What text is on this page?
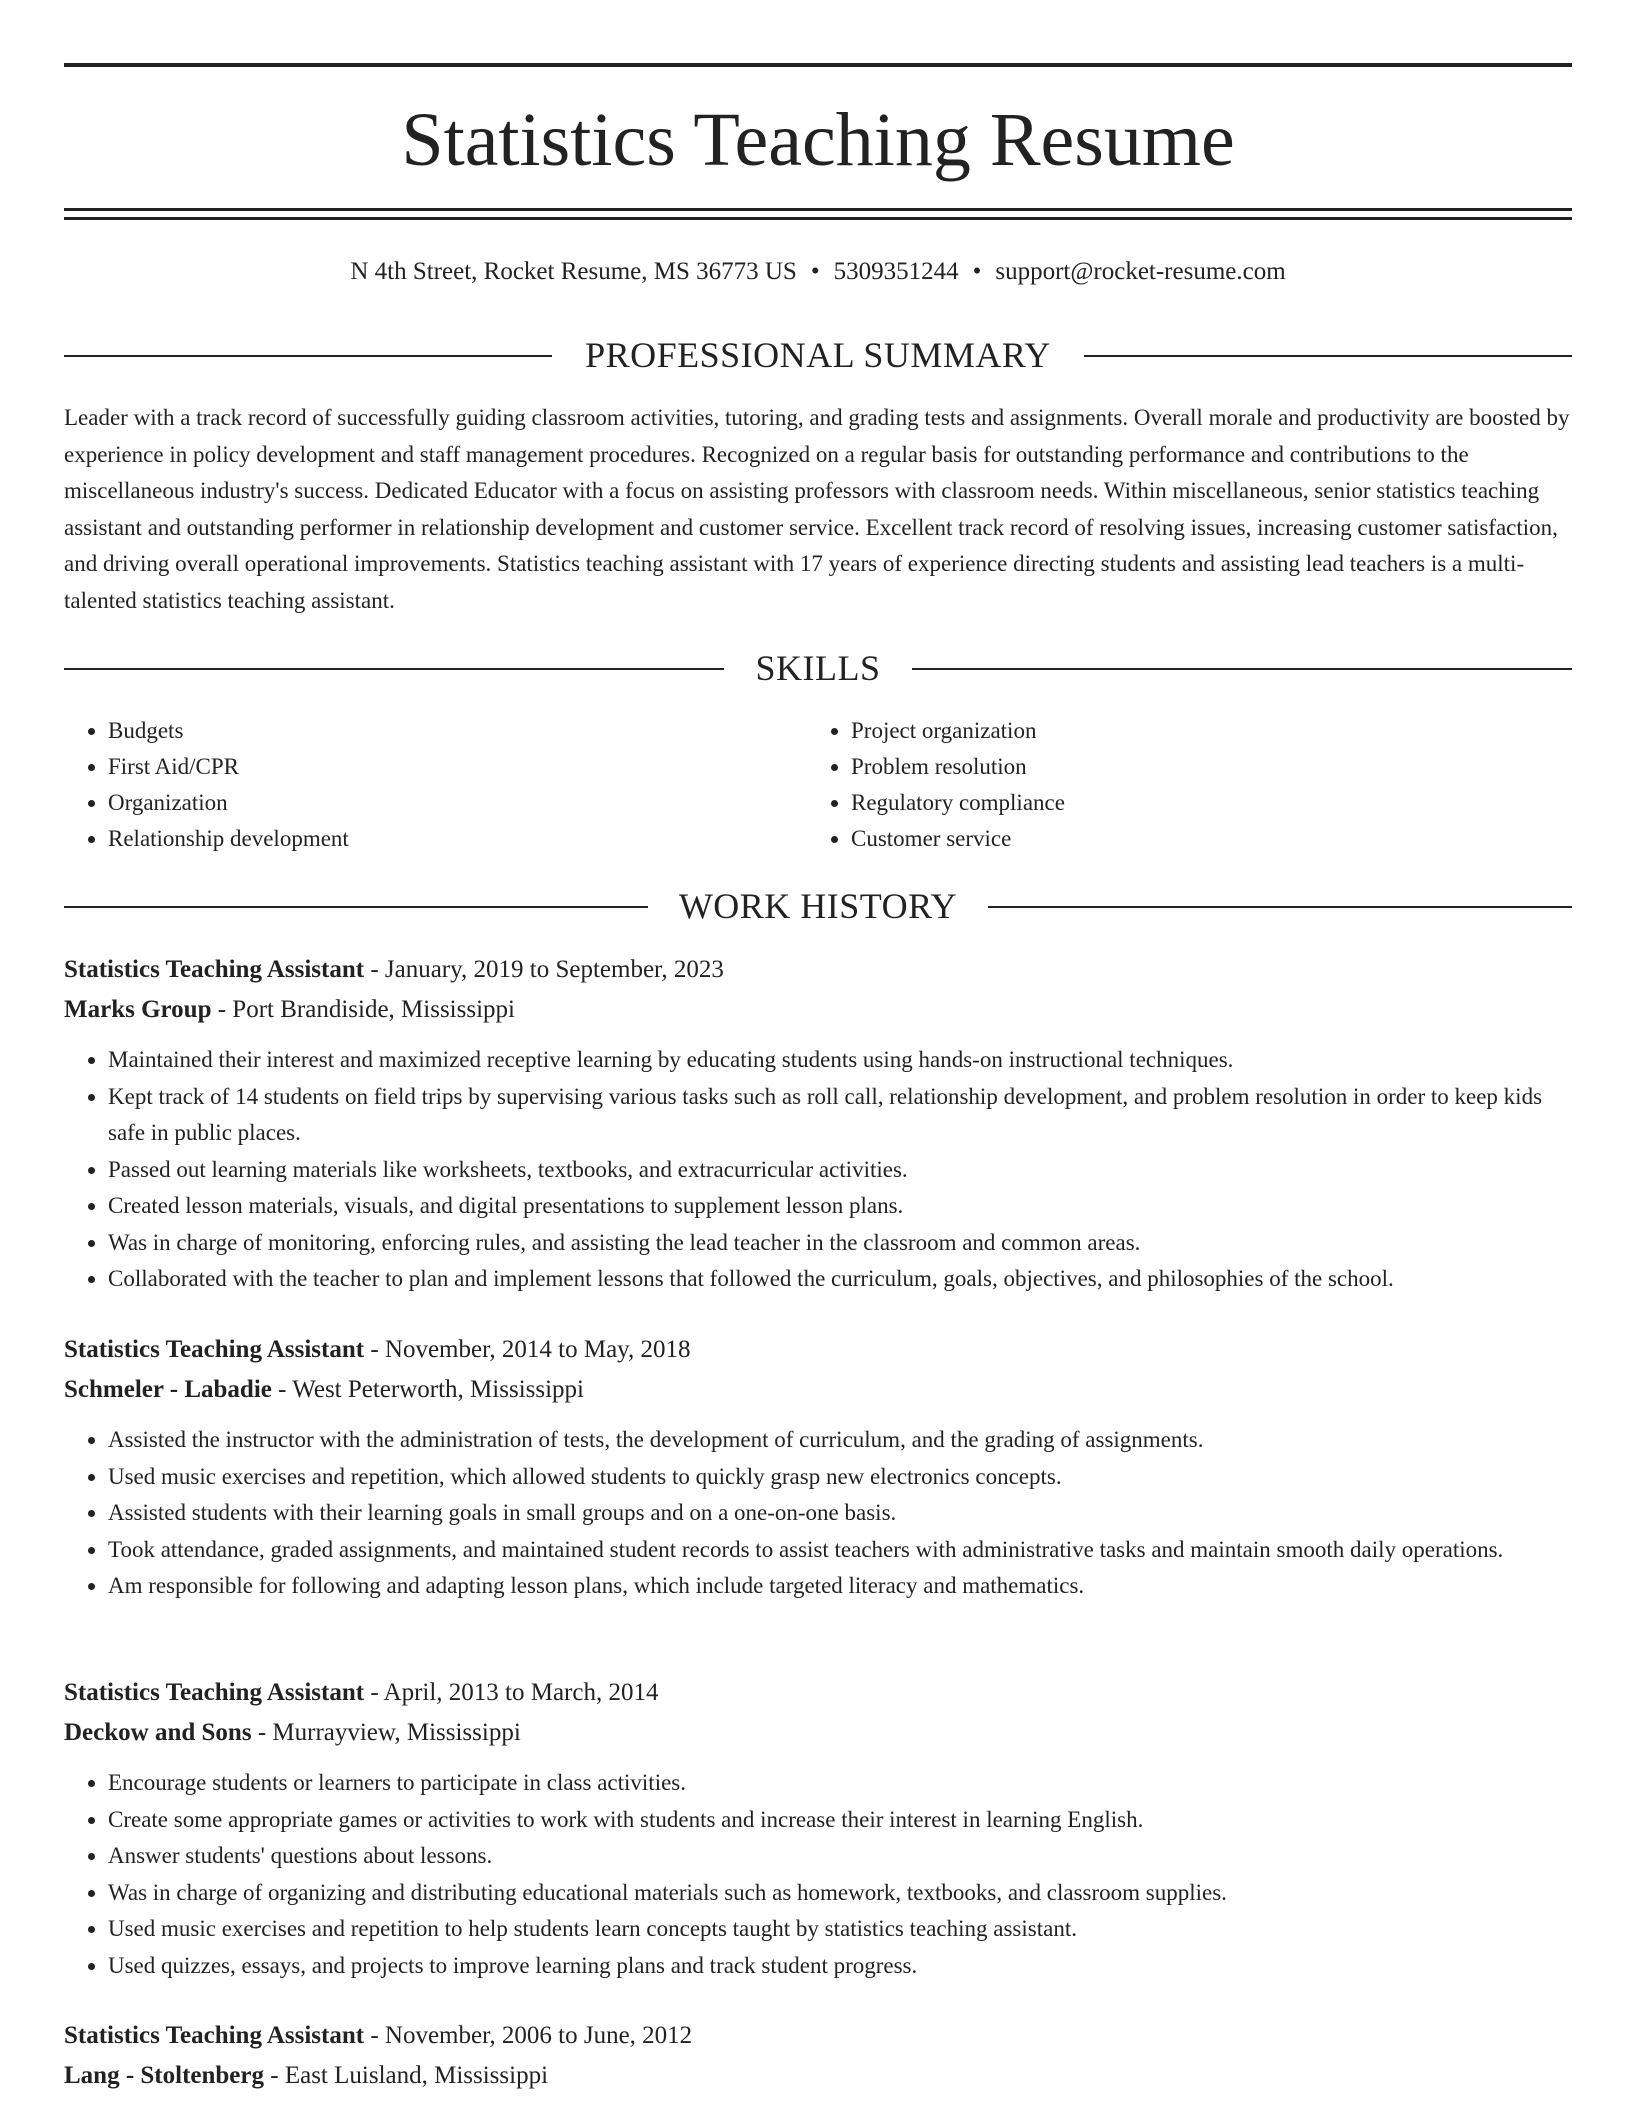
Statistics Teaching Resume
N 4th Street, Rocket Resume, MS 36773 US • 5309351244 • support@rocket-resume.com
PROFESSIONAL SUMMARY

Leader with a track record of successfully guiding classroom activities, tutoring, and grading tests and assignments. Overall morale and productivity are boosted by experience in policy development and staff management procedures. Recognized on a regular basis for outstanding performance and contributions to the miscellaneous industry's success. Dedicated Educator with a focus on assisting professors with classroom needs. Within miscellaneous, senior statistics teaching assistant and outstanding performer in relationship development and customer service. Excellent track record of resolving issues, increasing customer satisfaction, and driving overall operational improvements. Statistics teaching assistant with 17 years of experience directing students and assisting lead teachers is a multi-talented statistics teaching assistant.

SKILLS
• Budgets
• First Aid/CPR
• Organization
• Relationship development
• Project organization
• Problem resolution
• Regulatory compliance
• Customer service
WORK HISTORY
Statistics Teaching Assistant - January, 2019 to September, 2023
Marks Group - Port Brandiside, Mississippi
• Maintained their interest and maximized receptive learning by educating students using hands-on instructional techniques.
• Kept track of 14 students on field trips by supervising various tasks such as roll call, relationship development, and problem resolution in order to keep kids safe in public places.
• Passed out learning materials like worksheets, textbooks, and extracurricular activities.
• Created lesson materials, visuals, and digital presentations to supplement lesson plans.
• Was in charge of monitoring, enforcing rules, and assisting the lead teacher in the classroom and common areas.
• Collaborated with the teacher to plan and implement lessons that followed the curriculum, goals, objectives, and philosophies of the school.
Statistics Teaching Assistant - November, 2014 to May, 2018
Schmeler - Labadie - West Peterworth, Mississippi
• Assisted the instructor with the administration of tests, the development of curriculum, and the grading of assignments.
• Used music exercises and repetition, which allowed students to quickly grasp new electronics concepts.
• Assisted students with their learning goals in small groups and on a one-on-one basis.
• Took attendance, graded assignments, and maintained student records to assist teachers with administrative tasks and maintain smooth daily operations.
• Am responsible for following and adapting lesson plans, which include targeted literacy and mathematics.
Statistics Teaching Assistant - April, 2013 to March, 2014
Deckow and Sons - Murrayview, Mississippi
• Encourage students or learners to participate in class activities.
• Create some appropriate games or activities to work with students and increase their interest in learning English.
• Answer students' questions about lessons.
• Was in charge of organizing and distributing educational materials such as homework, textbooks, and classroom supplies.
• Used music exercises and repetition to help students learn concepts taught by statistics teaching assistant.
• Used quizzes, essays, and projects to improve learning plans and track student progress.
Statistics Teaching Assistant - November, 2006 to June, 2012
Lang - Stoltenberg - East Luisland, Mississippi
